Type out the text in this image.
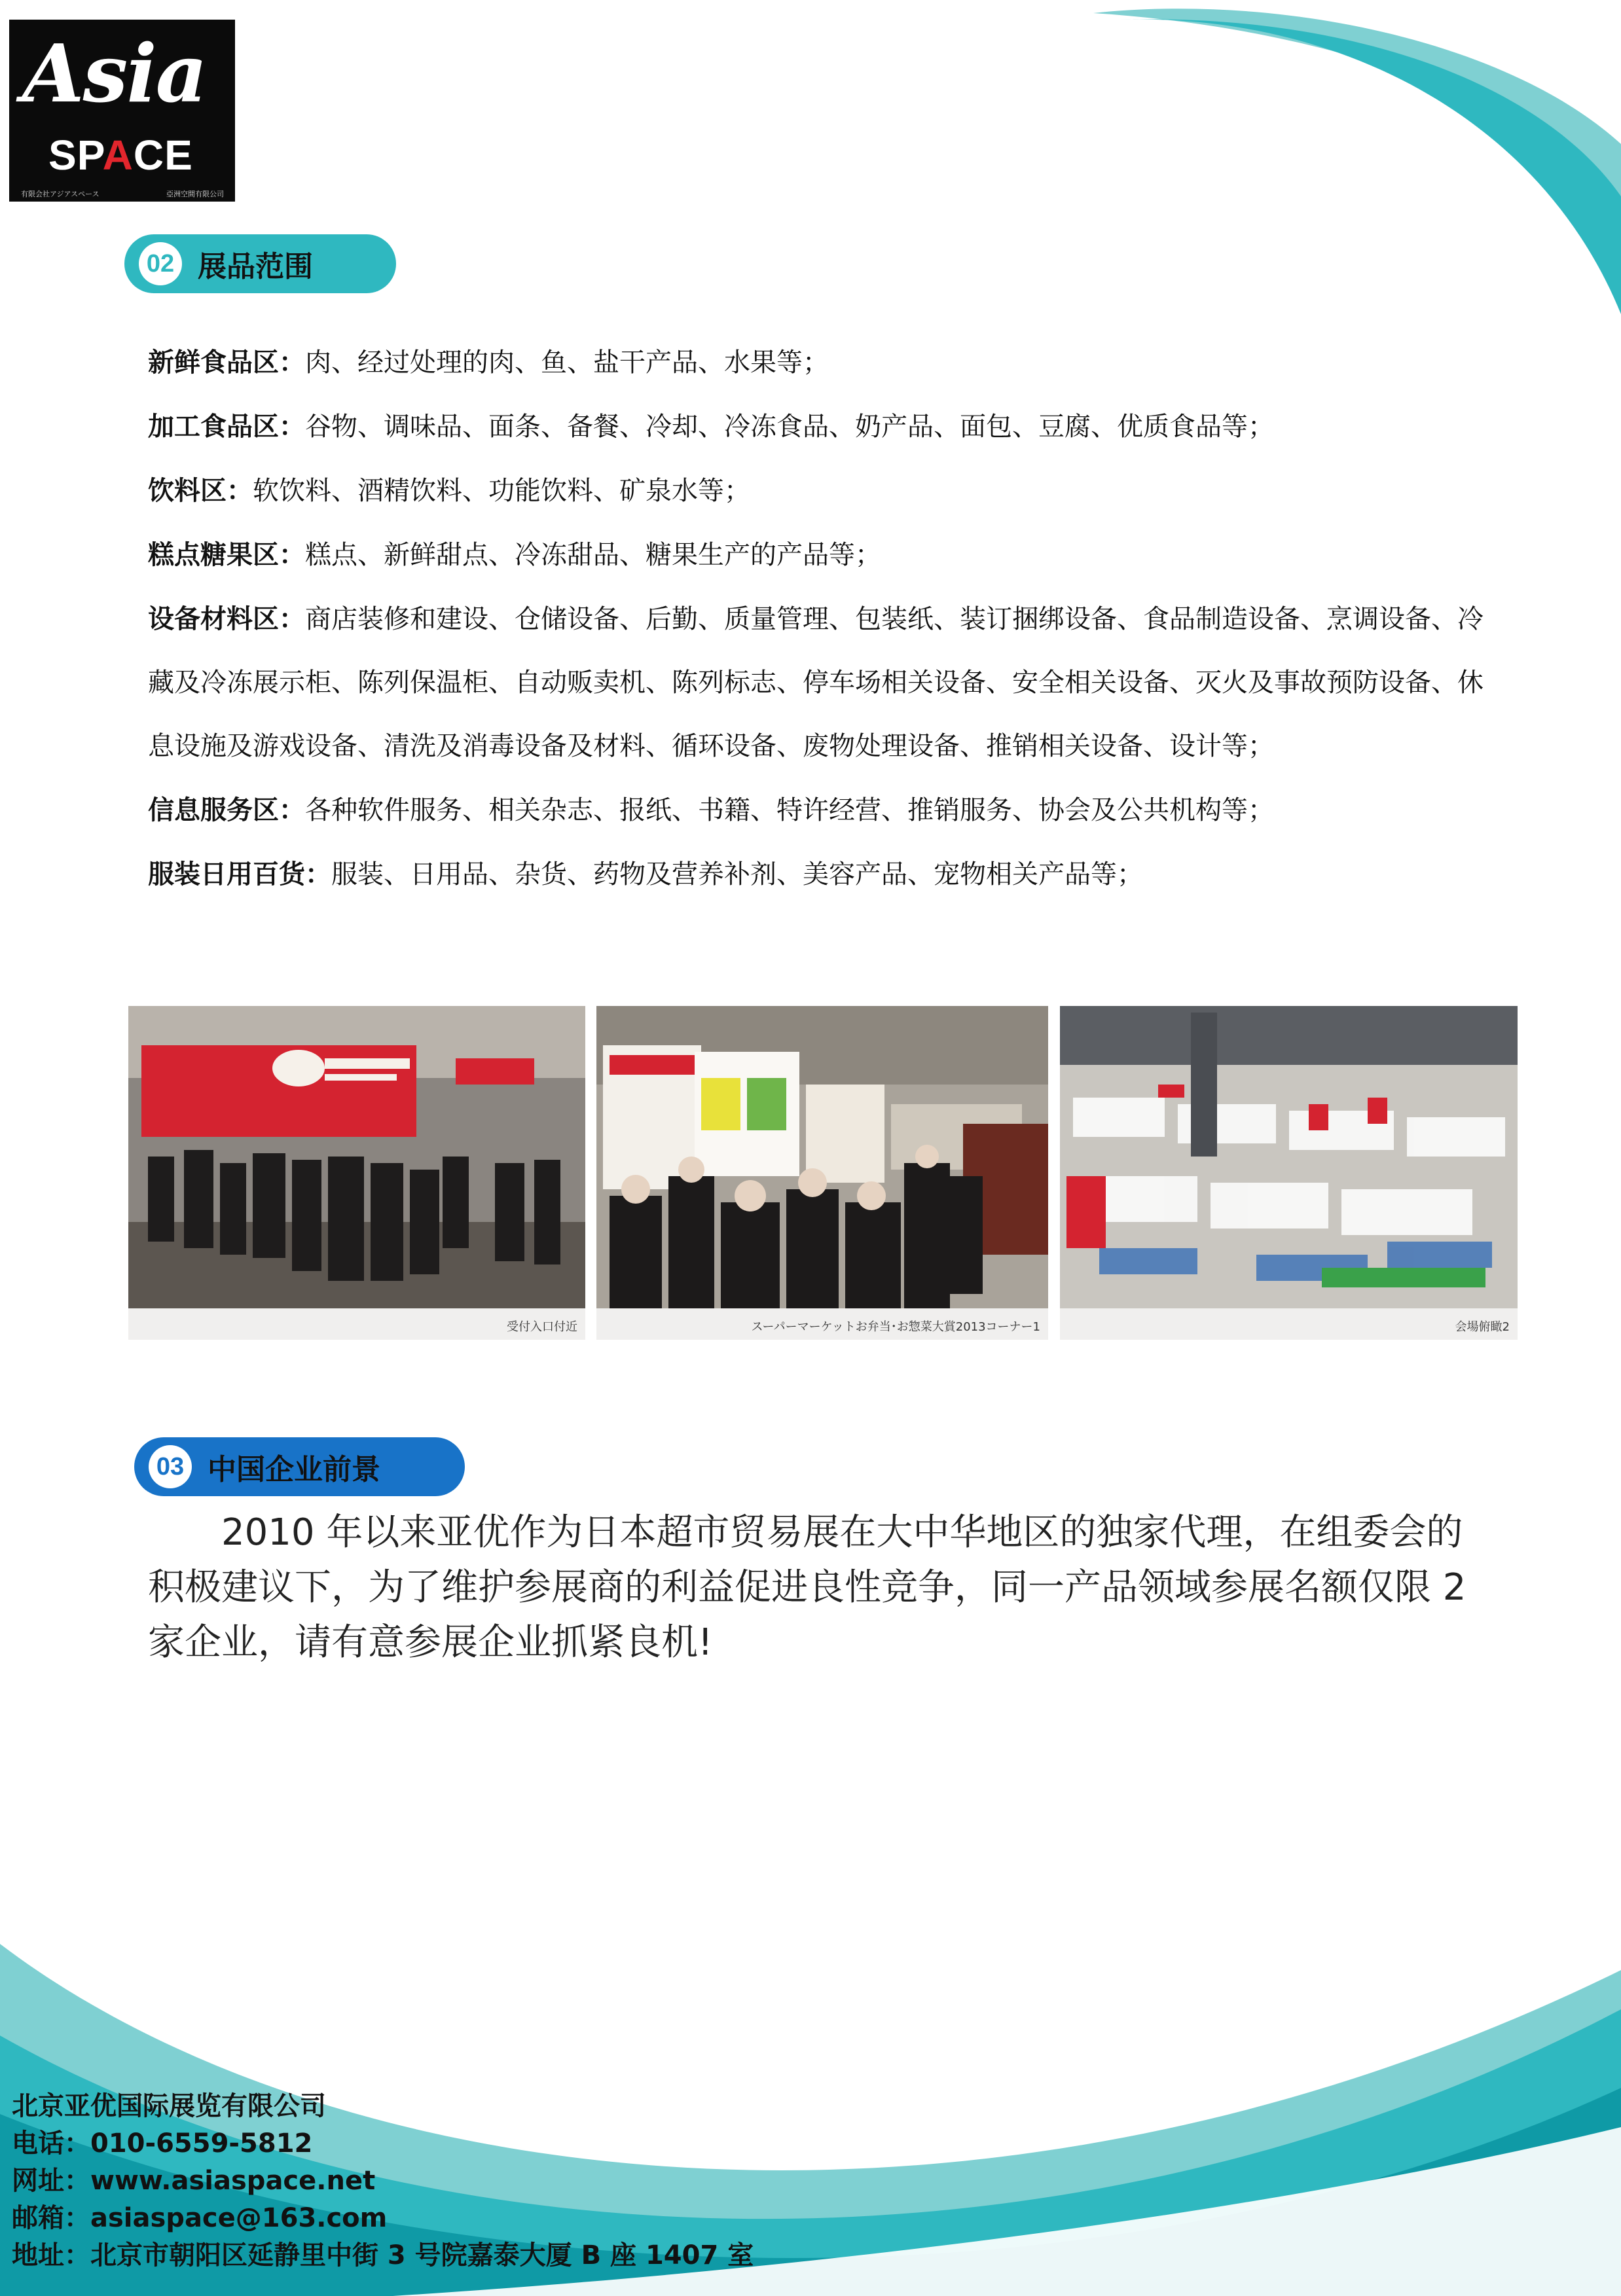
Asia
SPACE
有限会社アジアスペース	亞洲空間有限公司
02 展品范围

新鲜食品区：肉、经过处理的肉、鱼、盐干产品、水果等；

加工食品区：谷物、调味品、面条、备餐、冷却、冷冻食品、奶产品、面包、豆腐、优质食品等；

饮料区：软饮料、酒精饮料、功能饮料、矿泉水等；

糕点糖果区：糕点、新鲜甜点、冷冻甜品、糖果生产的产品等；

设备材料区：商店装修和建设、仓储设备、后勤、质量管理、包装纸、装订捆绑设备、食品制造设备、烹调设备、冷藏及冷冻展示柜、陈列保温柜、自动贩卖机、陈列标志、停车场相关设备、安全相关设备、灭火及事故预防设备、休息设施及游戏设备、清洗及消毒设备及材料、循环设备、废物处理设备、推销相关设备、设计等；

信息服务区：各种软件服务、相关杂志、报纸、书籍、特许经营、推销服务、协会及公共机构等；

服装日用百货：服装、日用品、杂货、药物及营养补剂、美容产品、宠物相关产品等；

受付入口付近	スーパーマーケットお弁当･お惣菜大賞2013コーナー1	会場俯瞰2
03 中国企业前景

2010 年以来亚优作为日本超市贸易展在大中华地区的独家代理，在组委会的积极建议下，为了维护参展商的利益促进良性竞争，同一产品领域参展名额仅限 2 家企业，请有意参展企业抓紧良机!

北京亚优国际展览有限公司
电话：010-6559-5812
网址：www.asiaspace.net
邮箱：asiaspace@163.com
地址：北京市朝阳区延静里中街 3 号院嘉泰大厦 B 座 1407 室
